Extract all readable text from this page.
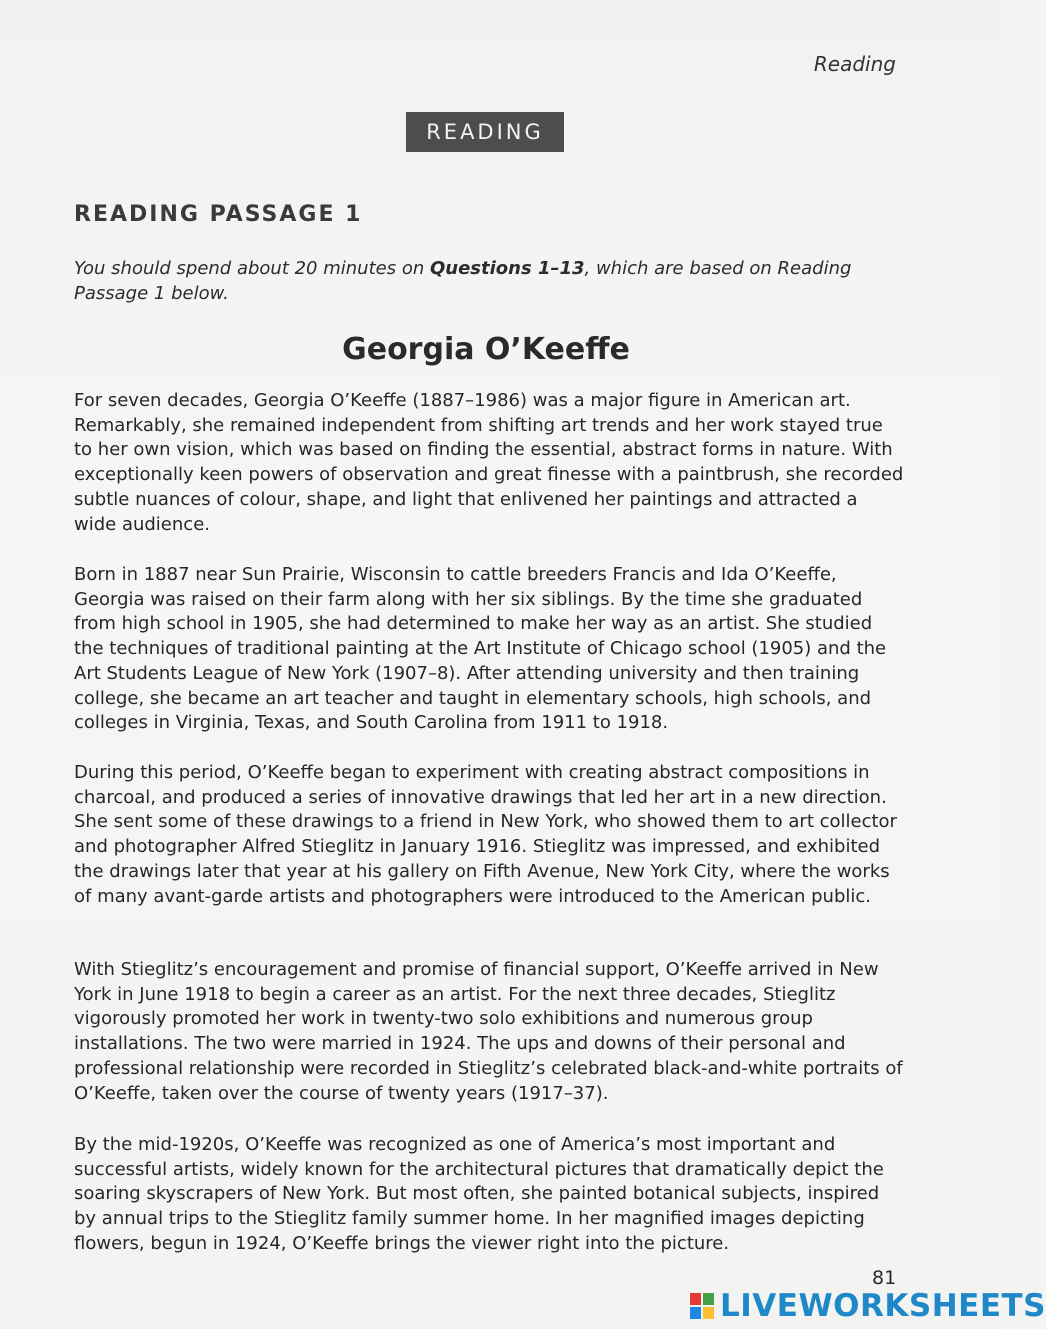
Reading
READING
READING PASSAGE 1
You should spend about 20 minutes on Questions 1–13, which are based on Reading Passage 1 below.
Georgia O’Keeffe

For seven decades, Georgia O’Keeffe (1887–1986) was a major figure in American art. Remarkably, she remained independent from shifting art trends and her work stayed true to her own vision, which was based on finding the essential, abstract forms in nature. With exceptionally keen powers of observation and great finesse with a paintbrush, she recorded subtle nuances of colour, shape, and light that enlivened her paintings and attracted a wide audience.

Born in 1887 near Sun Prairie, Wisconsin to cattle breeders Francis and Ida O’Keeffe, Georgia was raised on their farm along with her six siblings. By the time she graduated from high school in 1905, she had determined to make her way as an artist. She studied the techniques of traditional painting at the Art Institute of Chicago school (1905) and the Art Students League of New York (1907–8). After attending university and then training college, she became an art teacher and taught in elementary schools, high schools, and colleges in Virginia, Texas, and South Carolina from 1911 to 1918.

During this period, O’Keeffe began to experiment with creating abstract compositions in charcoal, and produced a series of innovative drawings that led her art in a new direction. She sent some of these drawings to a friend in New York, who showed them to art collector and photographer Alfred Stieglitz in January 1916. Stieglitz was impressed, and exhibited the drawings later that year at his gallery on Fifth Avenue, New York City, where the works of many avant-garde artists and photographers were introduced to the American public.

With Stieglitz’s encouragement and promise of financial support, O’Keeffe arrived in New York in June 1918 to begin a career as an artist. For the next three decades, Stieglitz vigorously promoted her work in twenty-two solo exhibitions and numerous group installations. The two were married in 1924. The ups and downs of their personal and professional relationship were recorded in Stieglitz’s celebrated black-and-white portraits of O’Keeffe, taken over the course of twenty years (1917–37).

By the mid-1920s, O’Keeffe was recognized as one of America’s most important and successful artists, widely known for the architectural pictures that dramatically depict the soaring skyscrapers of New York. But most often, she painted botanical subjects, inspired by annual trips to the Stieglitz family summer home. In her magnified images depicting flowers, begun in 1924, O’Keeffe brings the viewer right into the picture.

81
LIVEWORKSHEETS
